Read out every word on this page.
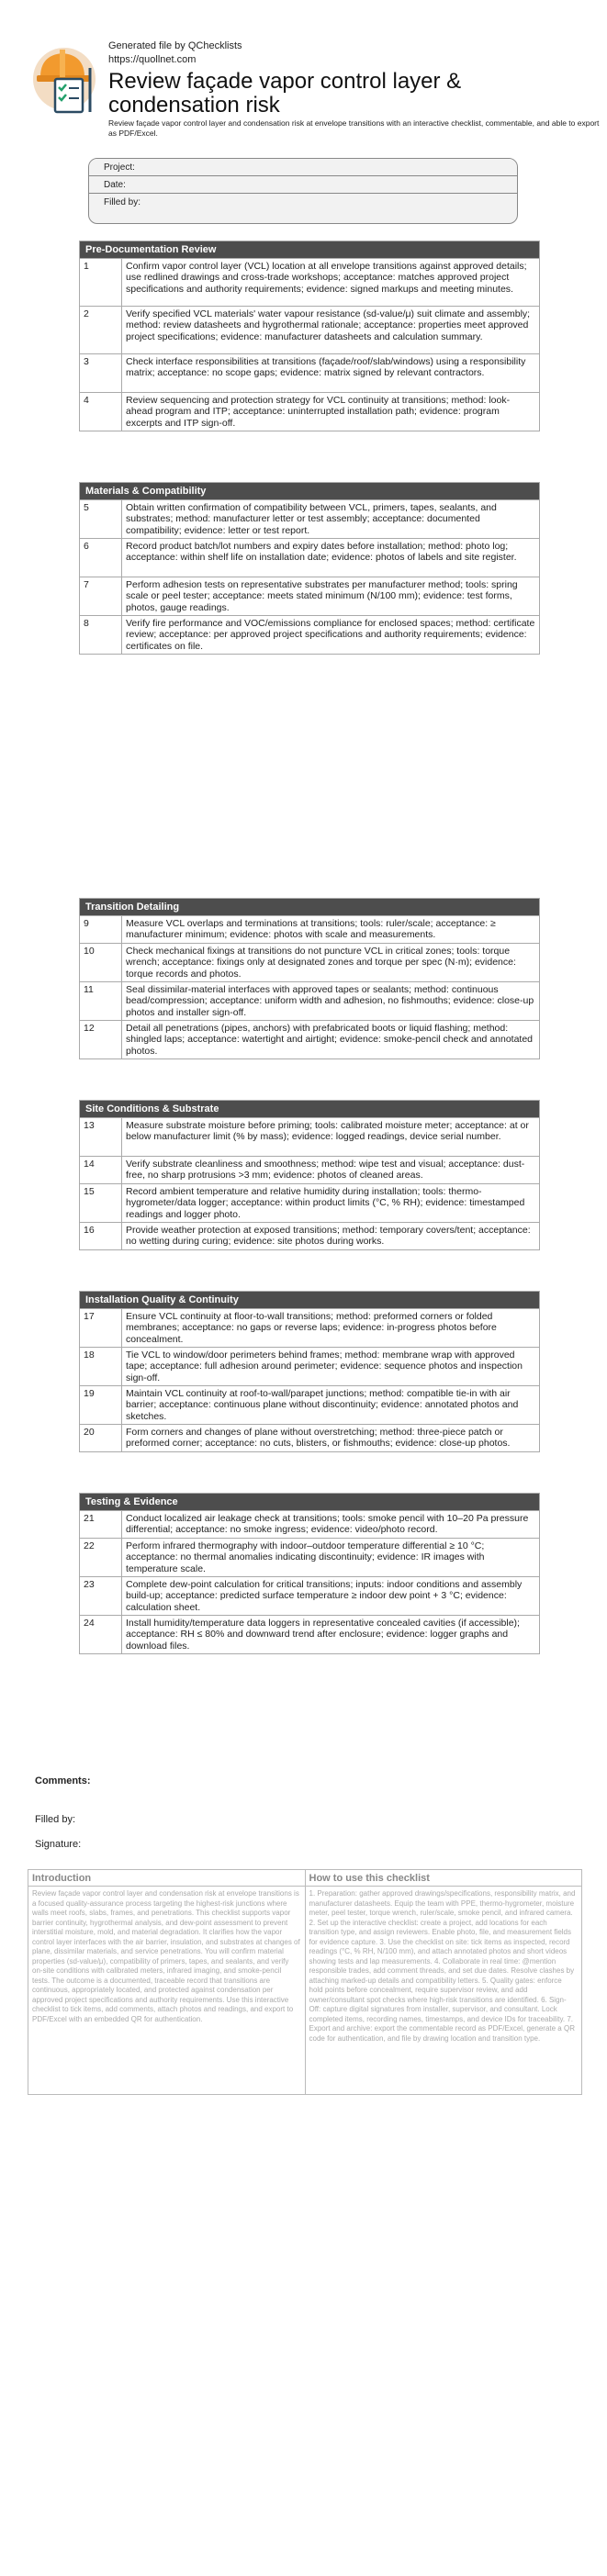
Generated file by QChecklists
https://quollnet.com
Review façade vapor control layer & condensation risk
Review façade vapor control layer and condensation risk at envelope transitions with an interactive checklist, commentable, and able to export as PDF/Excel.
Project:
Date:
Filled by:
Pre-Documentation Review
1	Confirm vapor control layer (VCL) location at all envelope transitions against approved details; use redlined drawings and cross-trade workshops; acceptance: matches approved project specifications and authority requirements; evidence: signed markups and meeting minutes.
2	Verify specified VCL materials' water vapour resistance (sd-value/μ) suit climate and assembly; method: review datasheets and hygrothermal rationale; acceptance: properties meet approved project specifications; evidence: manufacturer datasheets and calculation summary.
3	Check interface responsibilities at transitions (façade/roof/slab/windows) using a responsibility matrix; acceptance: no scope gaps; evidence: matrix signed by relevant contractors.
4	Review sequencing and protection strategy for VCL continuity at transitions; method: look-ahead program and ITP; acceptance: uninterrupted installation path; evidence: program excerpts and ITP sign-off.
Materials & Compatibility
5	Obtain written confirmation of compatibility between VCL, primers, tapes, sealants, and substrates; method: manufacturer letter or test assembly; acceptance: documented compatibility; evidence: letter or test report.
6	Record product batch/lot numbers and expiry dates before installation; method: photo log; acceptance: within shelf life on installation date; evidence: photos of labels and site register.
7	Perform adhesion tests on representative substrates per manufacturer method; tools: spring scale or peel tester; acceptance: meets stated minimum (N/100 mm); evidence: test forms, photos, gauge readings.
8	Verify fire performance and VOC/emissions compliance for enclosed spaces; method: certificate review; acceptance: per approved project specifications and authority requirements; evidence: certificates on file.
Transition Detailing
9	Measure VCL overlaps and terminations at transitions; tools: ruler/scale; acceptance: ≥ manufacturer minimum; evidence: photos with scale and measurements.
10	Check mechanical fixings at transitions do not puncture VCL in critical zones; tools: torque wrench; acceptance: fixings only at designated zones and torque per spec (N·m); evidence: torque records and photos.
11	Seal dissimilar-material interfaces with approved tapes or sealants; method: continuous bead/compression; acceptance: uniform width and adhesion, no fishmouths; evidence: close-up photos and installer sign-off.
12	Detail all penetrations (pipes, anchors) with prefabricated boots or liquid flashing; method: shingled laps; acceptance: watertight and airtight; evidence: smoke-pencil check and annotated photos.
Site Conditions & Substrate
13	Measure substrate moisture before priming; tools: calibrated moisture meter; acceptance: at or below manufacturer limit (% by mass); evidence: logged readings, device serial number.
14	Verify substrate cleanliness and smoothness; method: wipe test and visual; acceptance: dust-free, no sharp protrusions >3 mm; evidence: photos of cleaned areas.
15	Record ambient temperature and relative humidity during installation; tools: thermo-hygrometer/data logger; acceptance: within product limits (°C, % RH); evidence: timestamped readings and logger photo.
16	Provide weather protection at exposed transitions; method: temporary covers/tent; acceptance: no wetting during curing; evidence: site photos during works.
Installation Quality & Continuity
17	Ensure VCL continuity at floor-to-wall transitions; method: preformed corners or folded membranes; acceptance: no gaps or reverse laps; evidence: in-progress photos before concealment.
18	Tie VCL to window/door perimeters behind frames; method: membrane wrap with approved tape; acceptance: full adhesion around perimeter; evidence: sequence photos and inspection sign-off.
19	Maintain VCL continuity at roof-to-wall/parapet junctions; method: compatible tie-in with air barrier; acceptance: continuous plane without discontinuity; evidence: annotated photos and sketches.
20	Form corners and changes of plane without overstretching; method: three-piece patch or preformed corner; acceptance: no cuts, blisters, or fishmouths; evidence: close-up photos.
Testing & Evidence
21	Conduct localized air leakage check at transitions; tools: smoke pencil with 10–20 Pa pressure differential; acceptance: no smoke ingress; evidence: video/photo record.
22	Perform infrared thermography with indoor–outdoor temperature differential ≥ 10 °C; acceptance: no thermal anomalies indicating discontinuity; evidence: IR images with temperature scale.
23	Complete dew-point calculation for critical transitions; inputs: indoor conditions and assembly build-up; acceptance: predicted surface temperature ≥ indoor dew point + 3 °C; evidence: calculation sheet.
24	Install humidity/temperature data loggers in representative concealed cavities (if accessible); acceptance: RH ≤ 80% and downward trend after enclosure; evidence: logger graphs and download files.
Comments:
Filled by:
Signature:
Introduction
Review façade vapor control layer and condensation risk at envelope transitions is a focused quality-assurance process targeting the highest-risk junctions where walls meet roofs, slabs, frames, and penetrations. This checklist supports vapor barrier continuity, hygrothermal analysis, and dew-point assessment to prevent interstitial moisture, mold, and material degradation. It clarifies how the vapor control layer interfaces with the air barrier, insulation, and substrates at changes of plane, dissimilar materials, and service penetrations. You will confirm material properties (sd-value/μ), compatibility of primers, tapes, and sealants, and verify on-site conditions with calibrated meters, infrared imaging, and smoke-pencil tests. The outcome is a documented, traceable record that transitions are continuous, appropriately located, and protected against condensation per approved project specifications and authority requirements. Use this interactive checklist to tick items, add comments, attach photos and readings, and export to PDF/Excel with an embedded QR for authentication.
How to use this checklist
1. Preparation: gather approved drawings/specifications, responsibility matrix, and manufacturer datasheets. Equip the team with PPE, thermo-hygrometer, moisture meter, peel tester, torque wrench, ruler/scale, smoke pencil, and infrared camera. 2. Set up the interactive checklist: create a project, add locations for each transition type, and assign reviewers. Enable photo, file, and measurement fields for evidence capture. 3. Use the checklist on site: tick items as inspected, record readings (°C, % RH, N/100 mm), and attach annotated photos and short videos showing tests and lap measurements. 4. Collaborate in real time: @mention responsible trades, add comment threads, and set due dates. Resolve clashes by attaching marked-up details and compatibility letters. 5. Quality gates: enforce hold points before concealment, require supervisor review, and add owner/consultant spot checks where high-risk transitions are identified. 6. Sign-Off: capture digital signatures from installer, supervisor, and consultant. Lock completed items, recording names, timestamps, and device IDs for traceability. 7. Export and archive: export the commentable record as PDF/Excel, generate a QR code for authentication, and file by drawing location and transition type.
